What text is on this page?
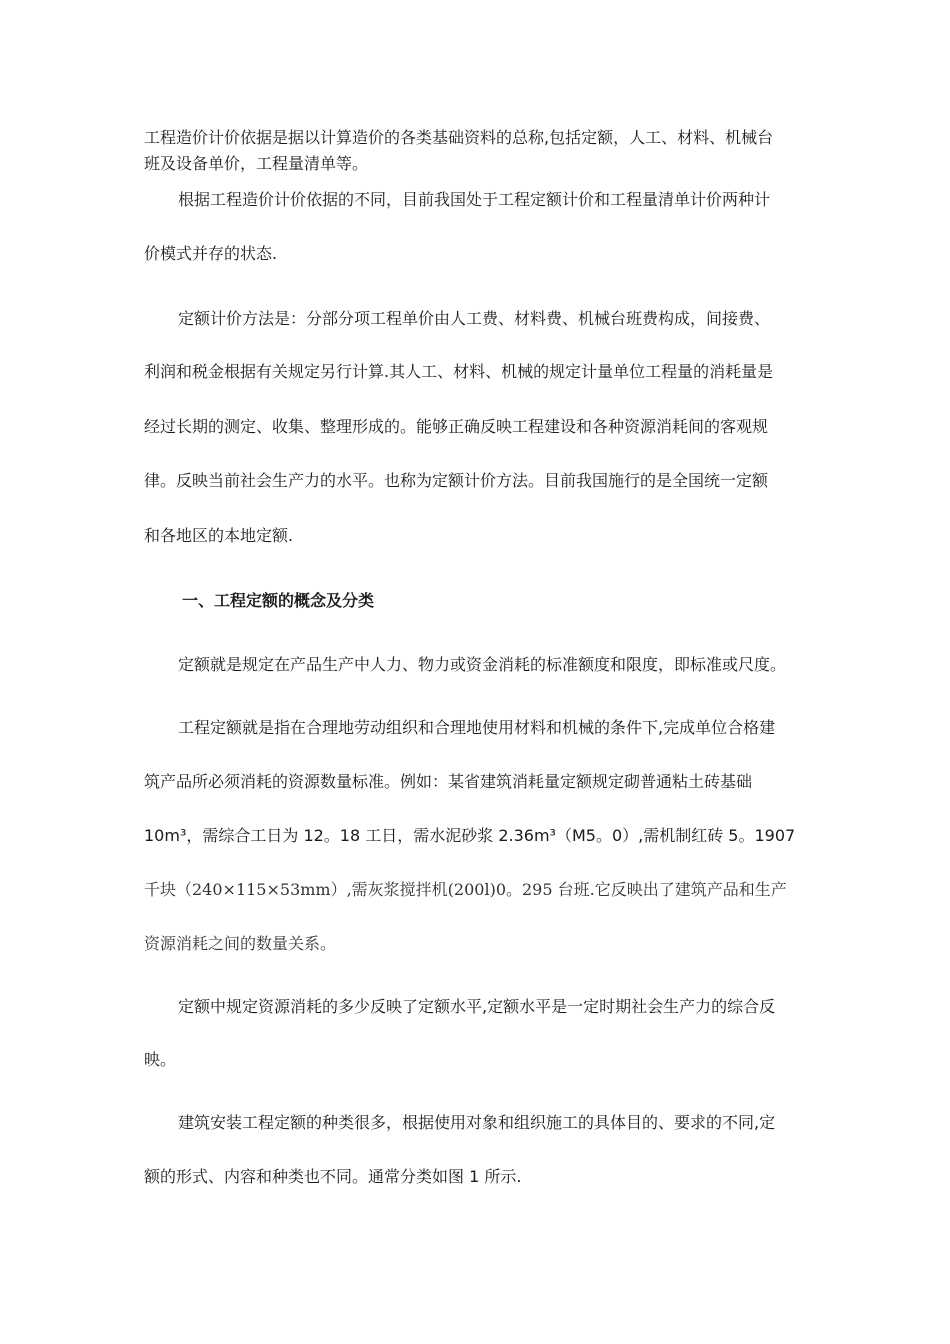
工程造价计价依据是据以计算造价的各类基础资料的总称,包括定额，人工、材料、机械台

班及设备单价，工程量清单等。

根据工程造价计价依据的不同，目前我国处于工程定额计价和工程量清单计价两种计

价模式并存的状态.

定额计价方法是：分部分项工程单价由人工费、材料费、机械台班费构成，间接费、

利润和税金根据有关规定另行计算.其人工、材料、机械的规定计量单位工程量的消耗量是

经过长期的测定、收集、整理形成的。能够正确反映工程建设和各种资源消耗间的客观规

律。反映当前社会生产力的水平。也称为定额计价方法。目前我国施行的是全国统一定额

和各地区的本地定额.

一、工程定额的概念及分类

定额就是规定在产品生产中人力、物力或资金消耗的标准额度和限度，即标准或尺度。

工程定额就是指在合理地劳动组织和合理地使用材料和机械的条件下,完成单位合格建

筑产品所必须消耗的资源数量标准。例如：某省建筑消耗量定额规定砌普通粘土砖基础

10m³，需综合工日为 12。18 工日，需水泥砂浆 2.36m³（M5。0）,需机制红砖 5。1907

千块（240×115×53mm）,需灰浆搅拌机(200l)0。295 台班.它反映出了建筑产品和生产

资源消耗之间的数量关系。

定额中规定资源消耗的多少反映了定额水平,定额水平是一定时期社会生产力的综合反

映。

建筑安装工程定额的种类很多，根据使用对象和组织施工的具体目的、要求的不同,定

额的形式、内容和种类也不同。通常分类如图 1 所示.
